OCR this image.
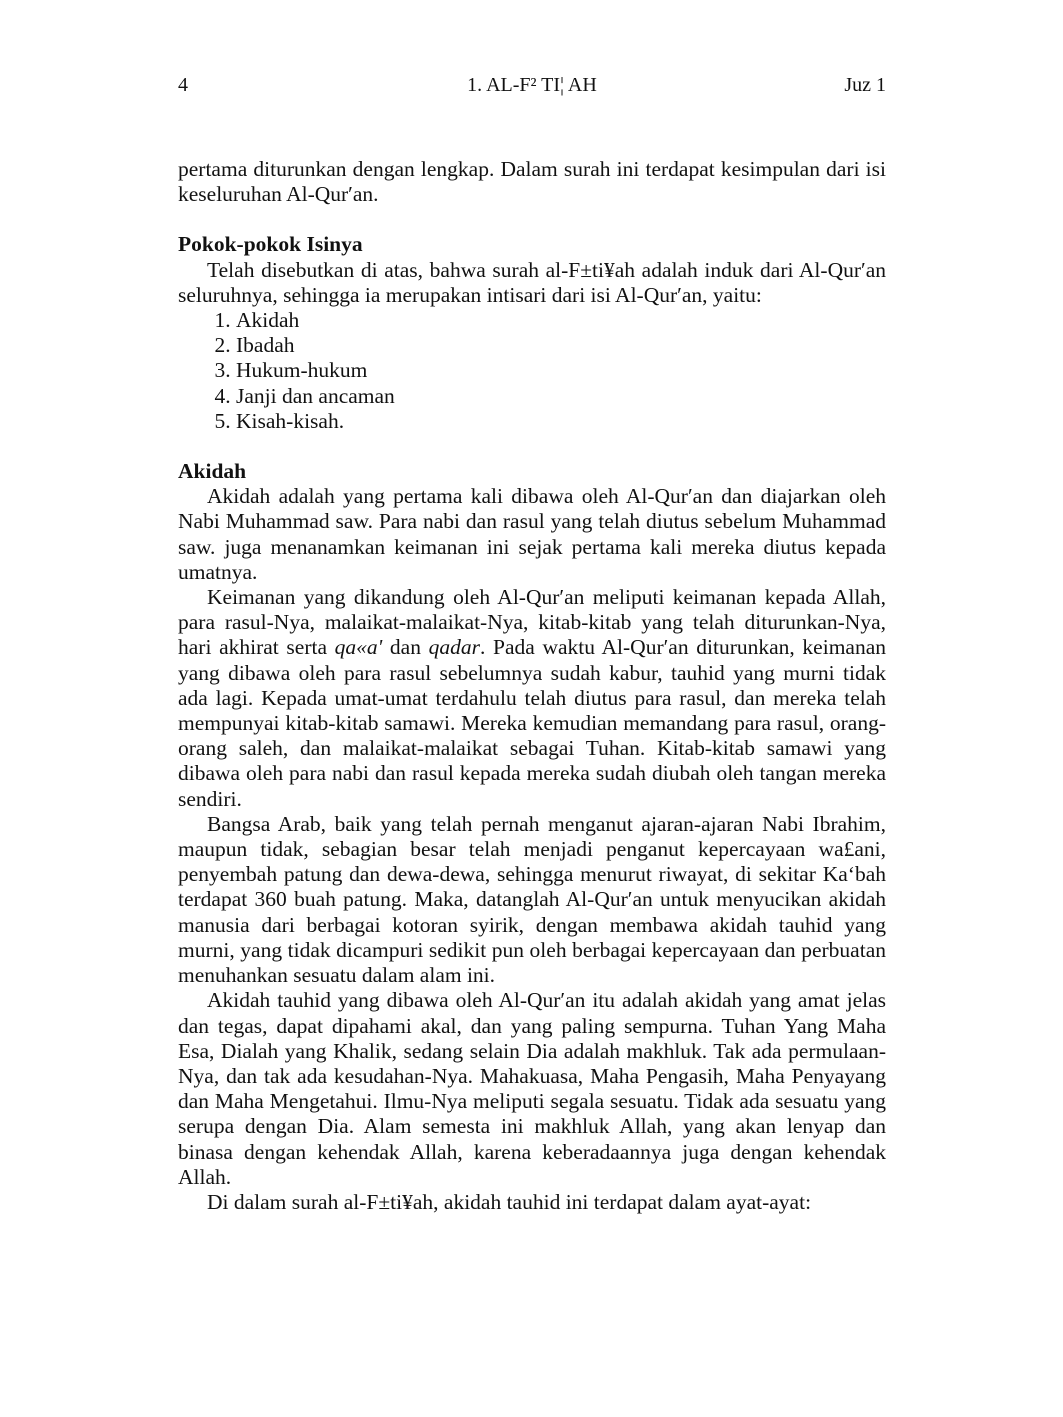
4	1. AL-F² TI¦ AH	Juz 1

pertama diturunkan dengan lengkap. Dalam surah ini terdapat kesimpulan dari isi keseluruhan Al-Qur′an.

Pokok-pokok Isinya

Telah disebutkan di atas, bahwa surah al-F±ti¥ah adalah induk dari Al-Qur′an seluruhnya, sehingga ia merupakan intisari dari isi Al-Qur′an, yaitu:

1. Akidah
2. Ibadah
3. Hukum-hukum
4. Janji dan ancaman
5. Kisah-kisah.
Akidah

Akidah adalah yang pertama kali dibawa oleh Al-Qur′an dan diajarkan oleh Nabi Muhammad saw. Para nabi dan rasul yang telah diutus sebelum Muhammad saw. juga menanamkan keimanan ini sejak pertama kali mereka diutus kepada umatnya.

Keimanan yang dikandung oleh Al-Qur′an meliputi keimanan kepada Allah, para rasul-Nya, malaikat-malaikat-Nya, kitab-kitab yang telah diturunkan-Nya, hari akhirat serta qa«a' dan qadar. Pada waktu Al-Qur′an diturunkan, keimanan yang dibawa oleh para rasul sebelumnya sudah kabur, tauhid yang murni tidak ada lagi. Kepada umat-umat terdahulu telah diutus para rasul, dan mereka telah mempunyai kitab-kitab samawi. Mereka kemudian memandang para rasul, orang-orang saleh, dan malaikat-malaikat sebagai Tuhan. Kitab-kitab samawi yang dibawa oleh para nabi dan rasul kepada mereka sudah diubah oleh tangan mereka sendiri.

Bangsa Arab, baik yang telah pernah menganut ajaran-ajaran Nabi Ibrahim, maupun tidak, sebagian besar telah menjadi penganut kepercayaan wa£ani, penyembah patung dan dewa-dewa, sehingga menurut riwayat, di sekitar Ka‘bah terdapat 360 buah patung. Maka, datanglah Al-Qur′an untuk menyucikan akidah manusia dari berbagai kotoran syirik, dengan membawa akidah tauhid yang murni, yang tidak dicampuri sedikit pun oleh berbagai kepercayaan dan perbuatan menuhankan sesuatu dalam alam ini.

Akidah tauhid yang dibawa oleh Al-Qur′an itu adalah akidah yang amat jelas dan tegas, dapat dipahami akal, dan yang paling sempurna. Tuhan Yang Maha Esa, Dialah yang Khalik, sedang selain Dia adalah makhluk. Tak ada permulaan-Nya, dan tak ada kesudahan-Nya. Mahakuasa, Maha Pengasih, Maha Penyayang dan Maha Mengetahui. Ilmu-Nya meliputi segala sesuatu. Tidak ada sesuatu yang serupa dengan Dia. Alam semesta ini makhluk Allah, yang akan lenyap dan binasa dengan kehendak Allah, karena keberadaannya juga dengan kehendak Allah.

Di dalam surah al-F±ti¥ah, akidah tauhid ini terdapat dalam ayat-ayat:
